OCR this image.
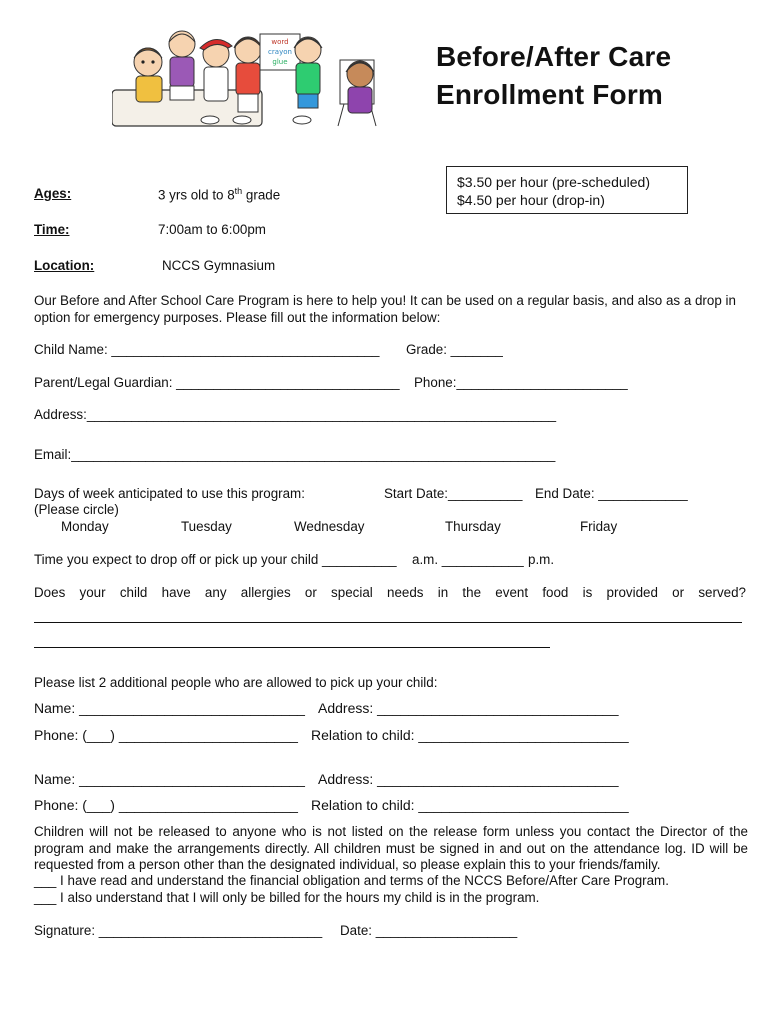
word
crayon
glue	Before/After Care
Enrollment Form
$3.50 per hour (pre-scheduled)
$4.50 per hour (drop-in)
Ages:	3 yrs old to 8th grade
Time:	7:00am to 6:00pm
Location:	NCCS Gymnasium
Our Before and After School Care Program is here to help you! It can be used on a regular basis, and also as a drop in option for emergency purposes. Please fill out the information below:
Child Name: ____________________________________ Grade: _______
Parent/Legal Guardian: ______________________________ Phone:_______________________
Address:_______________________________________________________________
Email:_________________________________________________________________
Days of week anticipated to use this program:	Start Date:__________ End Date: ____________
(Please circle)
Monday	Tuesday	Wednesday	Thursday	Friday
Time you expect to drop off or pick up your child __________ a.m. ___________ p.m.
Does your child have any allergies or special needs in the event food is provided or served?
Please list 2 additional people who are allowed to pick up your child:
Name: _____________________________ Address: _______________________________
Phone: (___) _______________________ Relation to child: ___________________________
Name: _____________________________ Address: _______________________________
Phone: (___) _______________________ Relation to child: ___________________________
Children will not be released to anyone who is not listed on the release form unless you contact the Director of the program and make the arrangements directly. All children must be signed in and out on the attendance log. ID will be requested from a person other than the designated individual, so please explain this to your friends/family.
___ I have read and understand the financial obligation and terms of the NCCS Before/After Care Program.
___ I also understand that I will only be billed for the hours my child is in the program.
Signature: ______________________________ Date: ___________________
